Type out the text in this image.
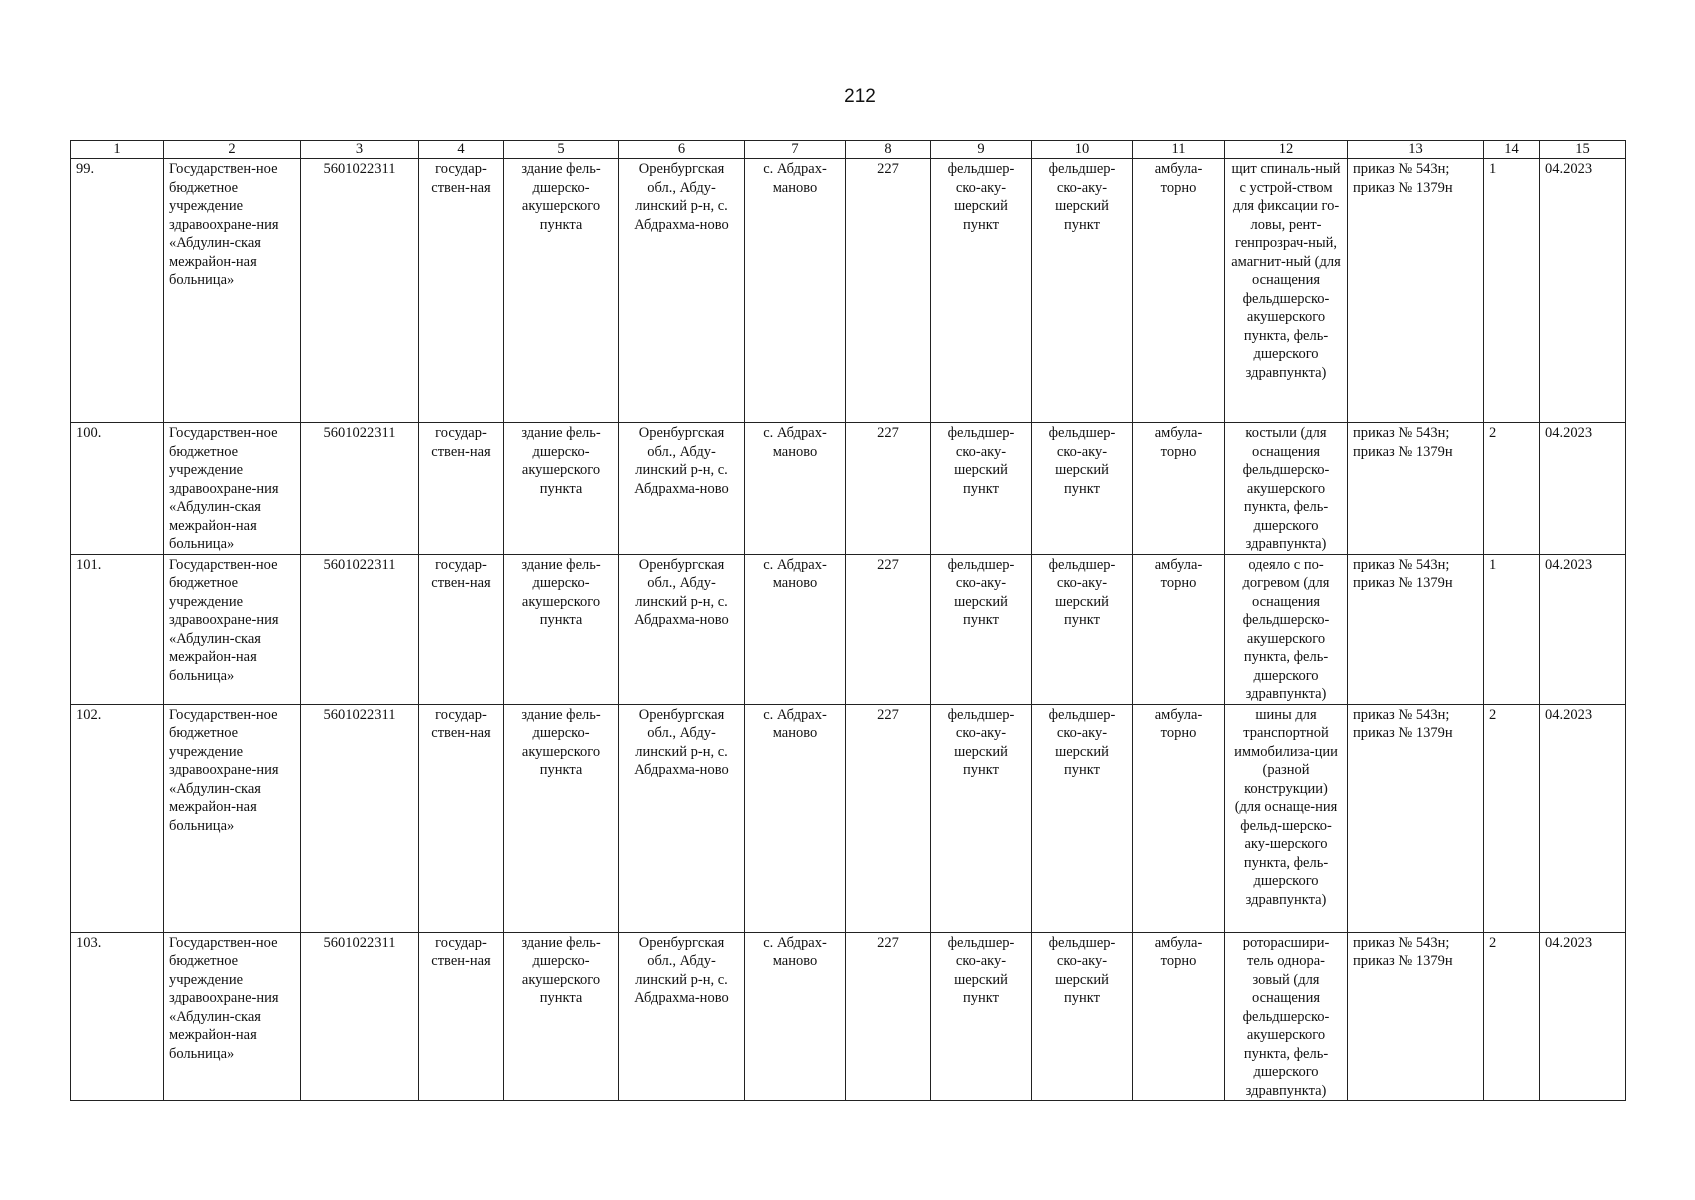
212
1	2	3	4	5	6	7	8	9	10	11	12	13	14	15
99.	Государствен-ное бюджетное учреждение здравоохране-ния «Абдулин-ская межрайон-ная больница»	5601022311	государ-ствен-ная	здание фель-дшерско-акушерского пункта	Оренбургская обл., Абду-линский р-н, с. Абдрахма-ново	с. Абдрах-маново	227	фельдшер-ско-аку-шерский пункт	фельдшер-ско-аку-шерский пункт	амбула-торно	щит спиналь-ный с устрой-ством для фиксации го-ловы, рент-генпрозрач-ный, амагнит-ный (для оснащения фельдшерско-акушерского пункта, фель-дшерского здравпункта)	приказ № 543н; приказ № 1379н	1	04.2023
100.	Государствен-ное бюджетное учреждение здравоохране-ния «Абдулин-ская межрайон-ная больница»	5601022311	государ-ствен-ная	здание фель-дшерско-акушерского пункта	Оренбургская обл., Абду-линский р-н, с. Абдрахма-ново	с. Абдрах-маново	227	фельдшер-ско-аку-шерский пункт	фельдшер-ско-аку-шерский пункт	амбула-торно	костыли (для оснащения фельдшерско-акушерского пункта, фель-дшерского здравпункта)	приказ № 543н; приказ № 1379н	2	04.2023
101.	Государствен-ное бюджетное учреждение здравоохране-ния «Абдулин-ская межрайон-ная больница»	5601022311	государ-ствен-ная	здание фель-дшерско-акушерского пункта	Оренбургская обл., Абду-линский р-н, с. Абдрахма-ново	с. Абдрах-маново	227	фельдшер-ско-аку-шерский пункт	фельдшер-ско-аку-шерский пункт	амбула-торно	одеяло с по-догревом (для оснащения фельдшерско-акушерского пункта, фель-дшерского здравпункта)	приказ № 543н; приказ № 1379н	1	04.2023
102.	Государствен-ное бюджетное учреждение здравоохране-ния «Абдулин-ская межрайон-ная больница»	5601022311	государ-ствен-ная	здание фель-дшерско-акушерского пункта	Оренбургская обл., Абду-линский р-н, с. Абдрахма-ново	с. Абдрах-маново	227	фельдшер-ско-аку-шерский пункт	фельдшер-ско-аку-шерский пункт	амбула-торно	шины для транспортной иммобилиза-ции (разной конструкции) (для оснаще-ния фельд-шерско-аку-шерского пункта, фель-дшерского здравпункта)	приказ № 543н; приказ № 1379н	2	04.2023
103.	Государствен-ное бюджетное учреждение здравоохране-ния «Абдулин-ская межрайон-ная больница»	5601022311	государ-ствен-ная	здание фель-дшерско-акушерского пункта	Оренбургская обл., Абду-линский р-н, с. Абдрахма-ново	с. Абдрах-маново	227	фельдшер-ско-аку-шерский пункт	фельдшер-ско-аку-шерский пункт	амбула-торно	роторасшири-тель однора-зовый (для оснащения фельдшерско-акушерского пункта, фель-дшерского здравпункта)	приказ № 543н; приказ № 1379н	2	04.2023
